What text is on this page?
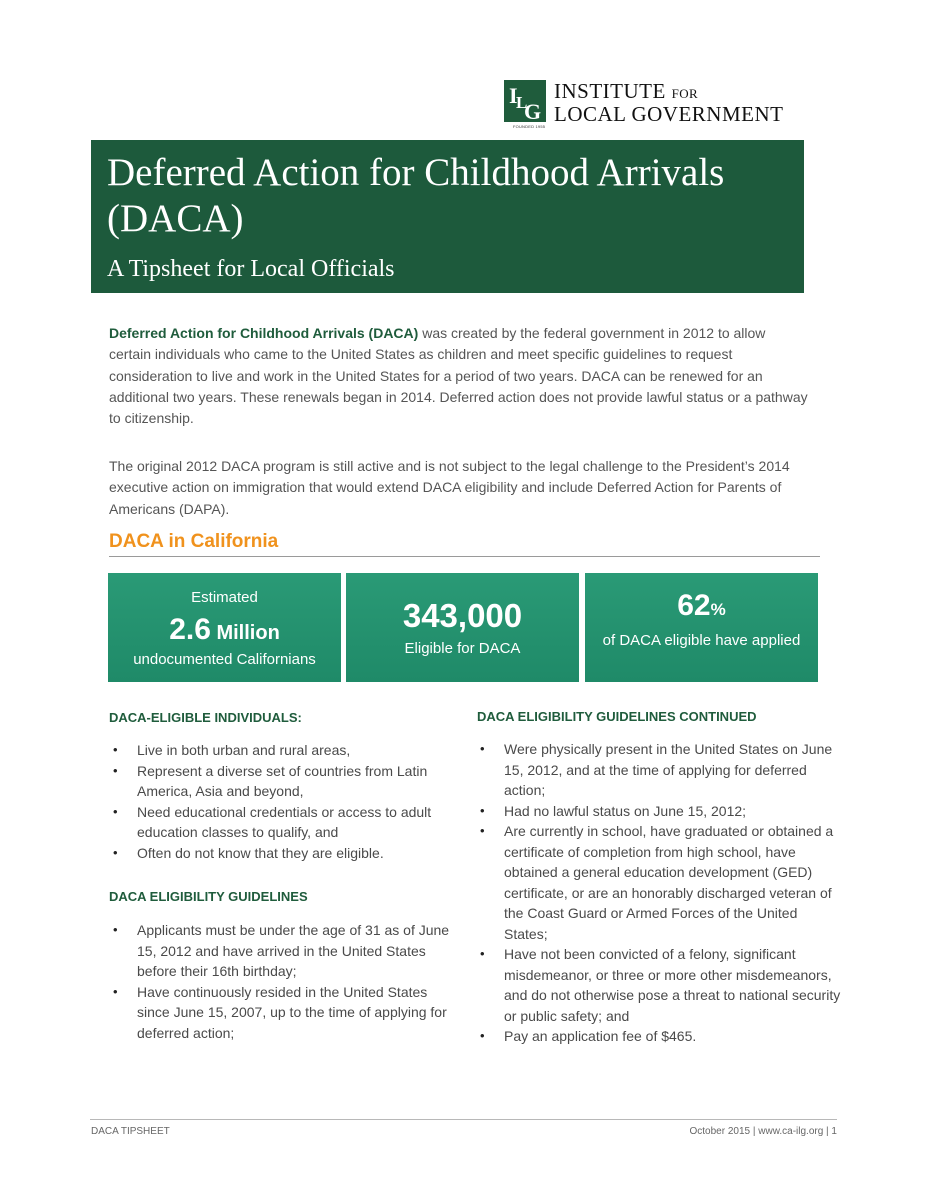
I
L
G
FOUNDED 1955
INSTITUTE FOR
LOCAL GOVERNMENT
Deferred Action for Childhood Arrivals (DACA)
A Tipsheet for Local Officials
Deferred Action for Childhood Arrivals (DACA) was created by the federal government in 2012 to allow certain individuals who came to the United States as children and meet specific guidelines to request consideration to live and work in the United States for a period of two years. DACA can be renewed for an additional two years. These renewals began in 2014. Deferred action does not provide lawful status or a pathway to citizenship.
The original 2012 DACA program is still active and is not subject to the legal challenge to the President’s 2014 executive action on immigration that would extend DACA eligibility and include Deferred Action for Parents of Americans (DAPA).
DACA in California
Estimated
2.6 Million
undocumented Californians
343,000
Eligible for DACA
62%
of DACA eligible have applied
DACA-ELIGIBLE INDIVIDUALS:
• Live in both urban and rural areas,
• Represent a diverse set of countries from Latin America, Asia and beyond,
• Need educational credentials or access to adult education classes to qualify, and
• Often do not know that they are eligible.
DACA ELIGIBILITY GUIDELINES
• Applicants must be under the age of 31 as of June 15, 2012 and have arrived in the United States before their 16th birthday;
• Have continuously resided in the United States since June 15, 2007, up to the time of applying for deferred action;
DACA ELIGIBILITY GUIDELINES CONTINUED
• Were physically present in the United States on June 15, 2012, and at the time of applying for deferred action;
• Had no lawful status on June 15, 2012;
• Are currently in school, have graduated or obtained a certificate of completion from high school, have obtained a general education development (GED) certificate, or are an honorably discharged veteran of the Coast Guard or Armed Forces of the United States;
• Have not been convicted of a felony, significant misdemeanor, or three or more other misdemeanors, and do not otherwise pose a threat to national security or public safety; and
• Pay an application fee of $465.
DACA TIPSHEET	October 2015 | www.ca-ilg.org | 1
